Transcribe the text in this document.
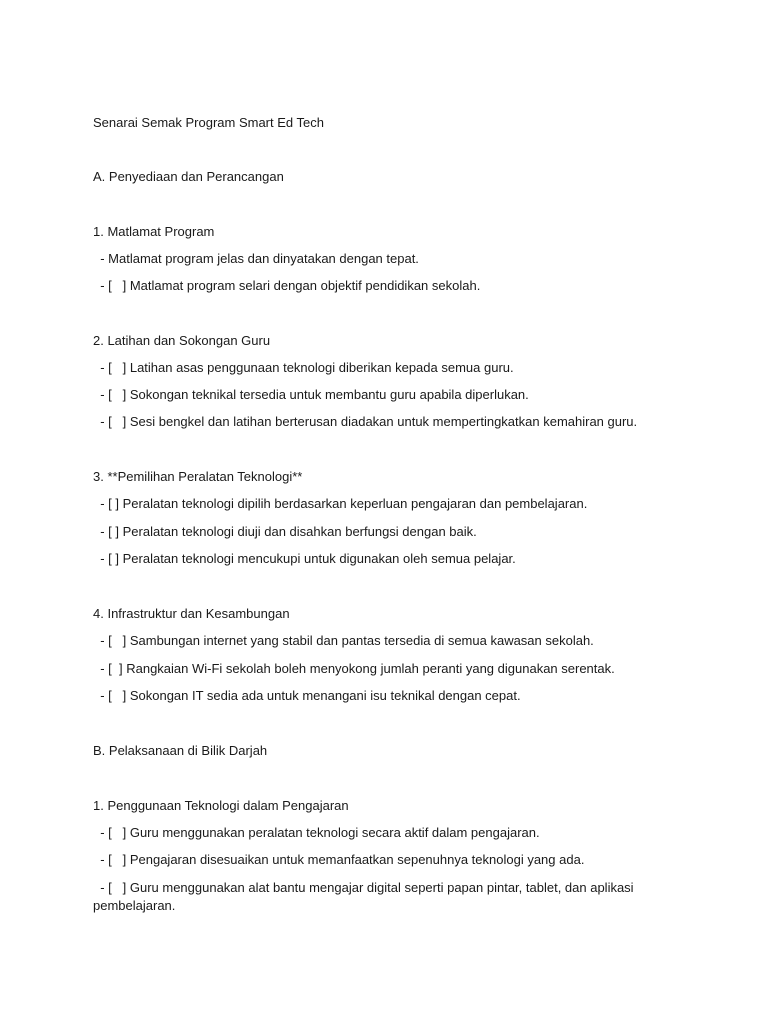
Senarai Semak Program Smart Ed Tech
A. Penyediaan dan Perancangan
1. Matlamat Program
- Matlamat program jelas dan dinyatakan dengan tepat.
- [   ] Matlamat program selari dengan objektif pendidikan sekolah.
2. Latihan dan Sokongan Guru
- [   ] Latihan asas penggunaan teknologi diberikan kepada semua guru.
- [   ] Sokongan teknikal tersedia untuk membantu guru apabila diperlukan.
- [   ] Sesi bengkel dan latihan berterusan diadakan untuk mempertingkatkan kemahiran guru.
3. **Pemilihan Peralatan Teknologi**
- [ ] Peralatan teknologi dipilih berdasarkan keperluan pengajaran dan pembelajaran.
- [ ] Peralatan teknologi diuji dan disahkan berfungsi dengan baik.
- [ ] Peralatan teknologi mencukupi untuk digunakan oleh semua pelajar.
4. Infrastruktur dan Kesambungan
- [   ] Sambungan internet yang stabil dan pantas tersedia di semua kawasan sekolah.
- [  ] Rangkaian Wi-Fi sekolah boleh menyokong jumlah peranti yang digunakan serentak.
- [   ] Sokongan IT sedia ada untuk menangani isu teknikal dengan cepat.
B. Pelaksanaan di Bilik Darjah
1. Penggunaan Teknologi dalam Pengajaran
- [   ] Guru menggunakan peralatan teknologi secara aktif dalam pengajaran.
- [   ] Pengajaran disesuaikan untuk memanfaatkan sepenuhnya teknologi yang ada.
- [   ] Guru menggunakan alat bantu mengajar digital seperti papan pintar, tablet, dan aplikasi pembelajaran.
